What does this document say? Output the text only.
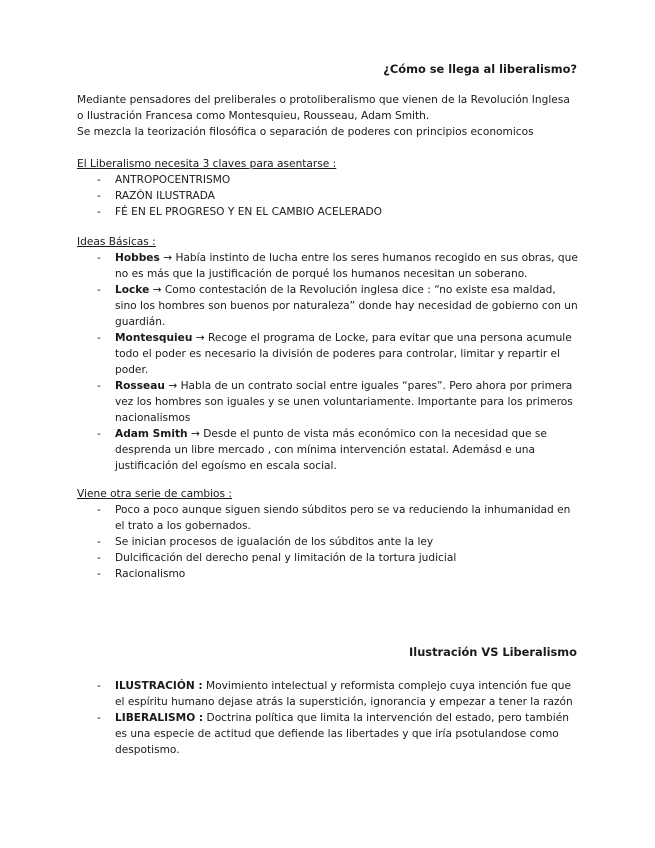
¿Cómo se llega al liberalismo?

Mediante pensadores del preliberales o protoliberalismo que vienen de la Revolución Inglesa o Ilustración Francesa como Montesquieu, Rousseau, Adam Smith.

Se mezcla la teorización filosófica o separación de poderes con principios economicos

El Liberalismo necesita 3 claves para asentarse :

- ANTROPOCENTRISMO
- RAZÓN ILUSTRADA
- FÉ EN EL PROGRESO Y EN EL CAMBIO ACELERADO

Ideas Básicas :

- Hobbes → Había instinto de lucha entre los seres humanos recogido en sus obras, que no es más que la justificación de porqué los humanos necesitan un soberano.
- Locke → Como contestación de la Revolución inglesa dice : “no existe esa maldad, sino los hombres son buenos por naturaleza” donde hay necesidad de gobierno con un guardián.
- Montesquieu → Recoge el programa de Locke, para evitar que una persona acumule todo el poder es necesario la división de poderes para controlar, limitar y repartir el poder.
- Rosseau → Habla de un contrato social entre iguales “pares”. Pero ahora por primera vez los hombres son iguales y se unen voluntariamente. Importante para los primeros nacionalismos
- Adam Smith → Desde el punto de vista más económico con la necesidad que se desprenda un libre mercado , con mínima intervención estatal. Ademásd e una justificación del egoísmo en escala social.

Viene otra serie de cambios :

- Poco a poco aunque siguen siendo súbditos pero se va reduciendo la inhumanidad en el trato a los gobernados.
- Se inician procesos de igualación de los súbditos ante la ley
- Dulcificación del derecho penal y limitación de la tortura judicial
- Racionalismo
Ilustración VS Liberalismo
- ILUSTRACIÓN : Movimiento intelectual y reformista complejo cuya intención fue que el espíritu humano dejase atrás la superstición, ignorancia y empezar a tener la razón
- LIBERALISMO : Doctrina política que limita la intervención del estado, pero también es una especie de actitud que defiende las libertades y que iría psotulandose como despotismo.
